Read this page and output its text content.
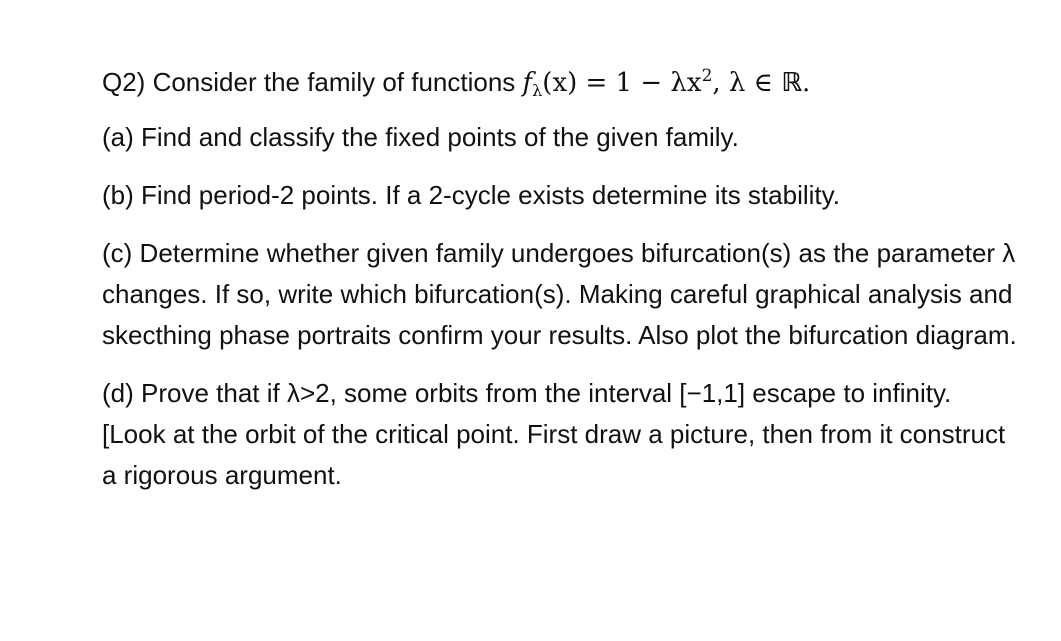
Q2) Consider the family of functions $f_\lambda(x) = 1 - \lambda x^2$, λ ∈ ℝ.
(a) Find and classify the fixed points of the given family.
(b) Find period-2 points. If a 2-cycle exists determine its stability.
(c) Determine whether given family undergoes bifurcation(s) as the parameter λ changes. If so, write which bifurcation(s). Making careful graphical analysis and skecthing phase portraits confirm your results. Also plot the bifurcation diagram.
(d) Prove that if λ>2, some orbits from the interval [−1,1] escape to infinity. [Look at the orbit of the critical point. First draw a picture, then from it construct a rigorous argument.
